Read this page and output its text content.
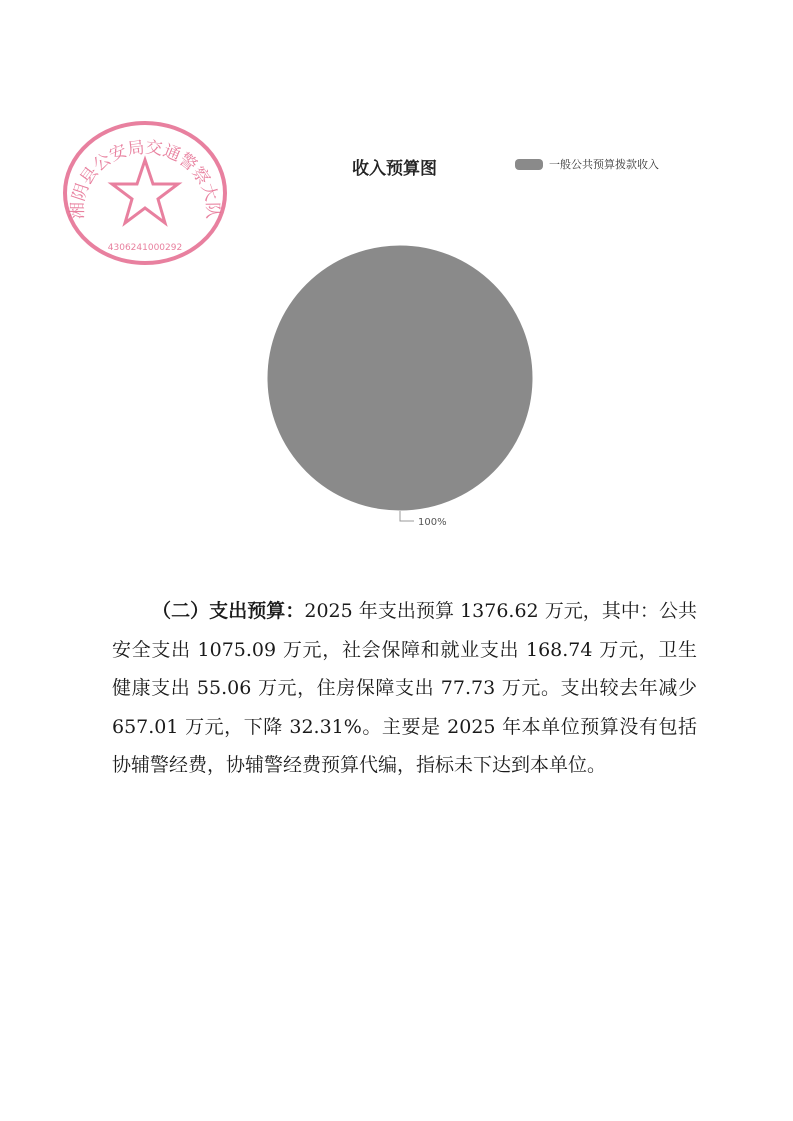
湘阴县公安局交通警察大队
4306241000292
收入预算图	一般公共预算拨款收入
100%
（二）支出预算：2025 年支出预算 1376.62 万元，其中：公共安全支出 1075.09 万元，社会保障和就业支出 168.74 万元，卫生健康支出 55.06 万元，住房保障支出 77.73 万元。支出较去年减少 657.01 万元，下降 32.31%。主要是 2025 年本单位预算没有包括协辅警经费，协辅警经费预算代编，指标未下达到本单位。
